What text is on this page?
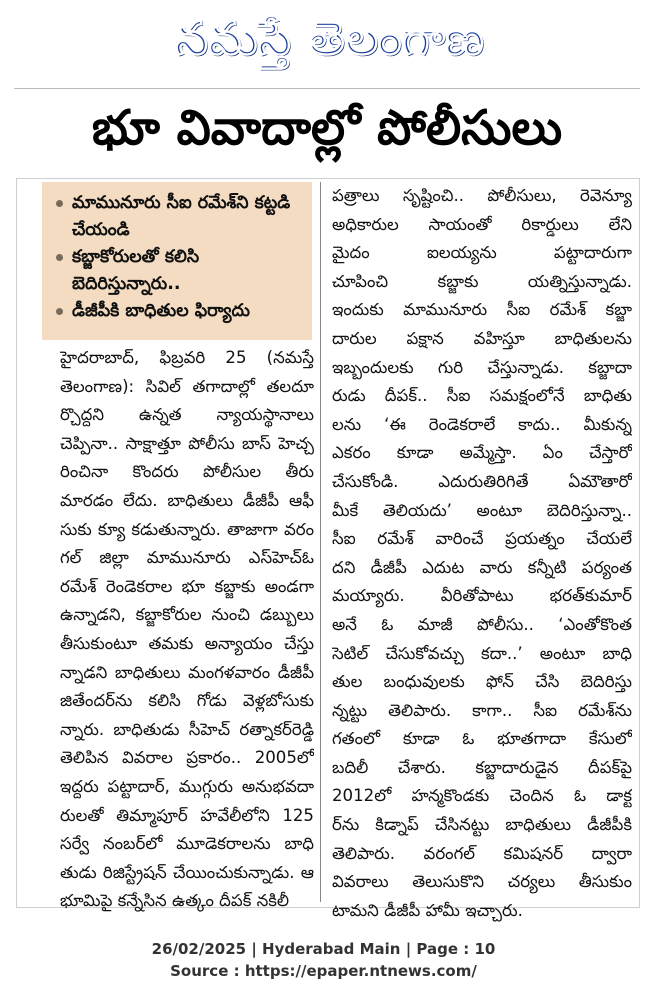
నమస్తే తెలంగాణ
భూ వివాదాల్లో పోలీసులు
మామునూరు సీఐ రమేశ్‌ని కట్టడి చేయండి
కబ్జాకోరులతో కలిసి బెదిరిస్తున్నారు..
డీజీపీకి బాధితుల ఫిర్యాదు
హైదరాబాద్, ఫిబ్రవరి 25 (నమస్తే
తెలంగాణ): సివిల్ తగాదాల్లో తలదూ
ర్చొద్దని ఉన్నత న్యాయస్థానాలు
చెప్పినా.. సాక్షాత్తూ పోలీసు బాస్ హెచ్చ
రించినా కొందరు పోలీసుల తీరు
మారడం లేదు. బాధితులు డీజీపీ ఆఫీ
సుకు క్యూ కడుతున్నారు. తాజాగా వరం
గల్ జిల్లా మామునూరు ఎస్‌హెచ్‌ఓ
రమేశ్ రెండెకరాల భూ కబ్జాకు అండగా
ఉన్నాడని, కబ్జాకోరుల నుంచి డబ్బులు
తీసుకుంటూ తమకు అన్యాయం చేస్తు
న్నాడని బాధితులు మంగళవారం డీజీపీ
జితేందర్‌ను కలిసి గోడు వెళ్లబోసుకు
న్నారు. బాధితుడు సీహెచ్ రత్నాకర్‌రెడ్డి
తెలిపిన వివరాల ప్రకారం.. 2005లో
ఇద్దరు పట్టాదార్, ముగ్గురు అనుభవదా
రులతో తిమ్మాపూర్ హవేలీలోని 125
సర్వే నంబర్‌లో మూడెకరాలను బాధి
తుడు రిజిస్ట్రేషన్ చేయించుకున్నాడు. ఆ
భూమిపై కన్నేసిన ఉత్కం దీపక్ నకిలీ
పత్రాలు సృష్టించి.. పోలీసులు, రెవెన్యూ
అధికారుల సాయంతో రికార్డులు లేని
మైదం ఐలయ్యను పట్టాదారుగా
చూపించి కబ్జాకు యత్నిస్తున్నాడు.
ఇందుకు మామునూరు సీఐ రమేశ్ కబ్జా
దారుల పక్షాన వహిస్తూ బాధితులను
ఇబ్బందులకు గురి చేస్తున్నాడు. కబ్జాదా
రుడు దీపక్.. సీఐ సమక్షంలోనే బాధితు
లను ‘ఈ రెండెకరాలే కాదు.. మీకున్న
ఎకరం కూడా అమ్మేస్తా. ఏం చేస్తారో
చేసుకోండి. ఎదురుతిరిగితే ఏమౌతారో
మీకే తెలియదు’ అంటూ బెదిరిస్తున్నా..
సీఐ రమేశ్ వారించే ప్రయత్నం చేయలే
దని డీజీపీ ఎదుట వారు కన్నీటి పర్యంత
మయ్యారు. వీరితోపాటు భరత్‌కుమార్
అనే ఓ మాజీ పోలీసు.. ‘ఎంతోకొంత
సెటిల్ చేసుకోవచ్చు కదా..’ అంటూ బాధి
తుల బంధువులకు ఫోన్ చేసి బెదిరిస్తు
న్నట్టు తెలిపారు. కాగా.. సీఐ రమేశ్‌ను
గతంలో కూడా ఓ భూతగాదా కేసులో
బదిలీ చేశారు. కబ్జాదారుడైన దీపక్‌పై
2012లో హన్మకొండకు చెందిన ఓ డాక్ట
ర్‌ను కిడ్నాప్ చేసినట్టు బాధితులు డీజీపీకి
తెలిపారు. వరంగల్ కమిషనర్ ద్వారా
వివరాలు తెలుసుకొని చర్యలు తీసుకుం
టామని డీజీపీ హామీ ఇచ్చారు.
26/02/2025 | Hyderabad Main | Page : 10
Source : https://epaper.ntnews.com/
